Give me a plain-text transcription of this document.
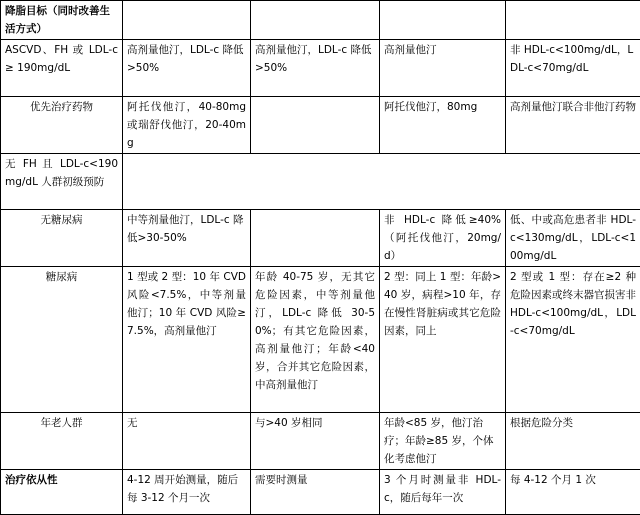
降脂目标（同时改善生活方式）				
ASCVD、FH 或 LDL-c ≥ 190mg/dL	高剂量他汀，LDL-c 降低>50%	高剂量他汀，LDL-c 降低>50%	高剂量他汀	非 HDL-c<100mg/dL，LDL-c<70mg/dL
优先治疗药物	阿托伐他汀，40-80mg 或瑞舒伐他汀，20-40mg		阿托伐他汀，80mg	高剂量他汀联合非他汀药物
无 FH 且 LDL-c<190mg/dL 人群初级预防				
无糖尿病	中等剂量他汀，LDL-c 降低>30-50%		非 HDL-c 降低≥40%（阿托伐他汀，20mg/d）	低、中或高危患者非 HDL-c<130mg/dL，LDL-c<100mg/dL
糖尿病	1 型或 2 型：10 年 CVD 风险<7.5%，中等剂量他汀；10 年 CVD 风险≥7.5%，高剂量他汀	年龄 40-75 岁，无其它危险因素，中等剂量他汀，LDL-c 降低 30-50%；有其它危险因素，高剂量他汀；年龄<40 岁，合并其它危险因素，中高剂量他汀	2 型：同上 1 型：年龄>40 岁，病程>10 年，存在慢性肾脏病或其它危险因素，同上	2 型或 1 型：存在≥2 种危险因素或终末器官损害非 HDL-c<100mg/dL，LDL-c<70mg/dL
年老人群	无	与>40 岁相同	年龄<85 岁，他汀治疗；年龄≥85 岁，个体化考虑他汀	根据危险分类
治疗依从性	4-12 周开始测量，随后每 3-12 个月一次	需要时测量	3 个月时测量非 HDL-c，随后每年一次	每 4-12 个月 1 次
